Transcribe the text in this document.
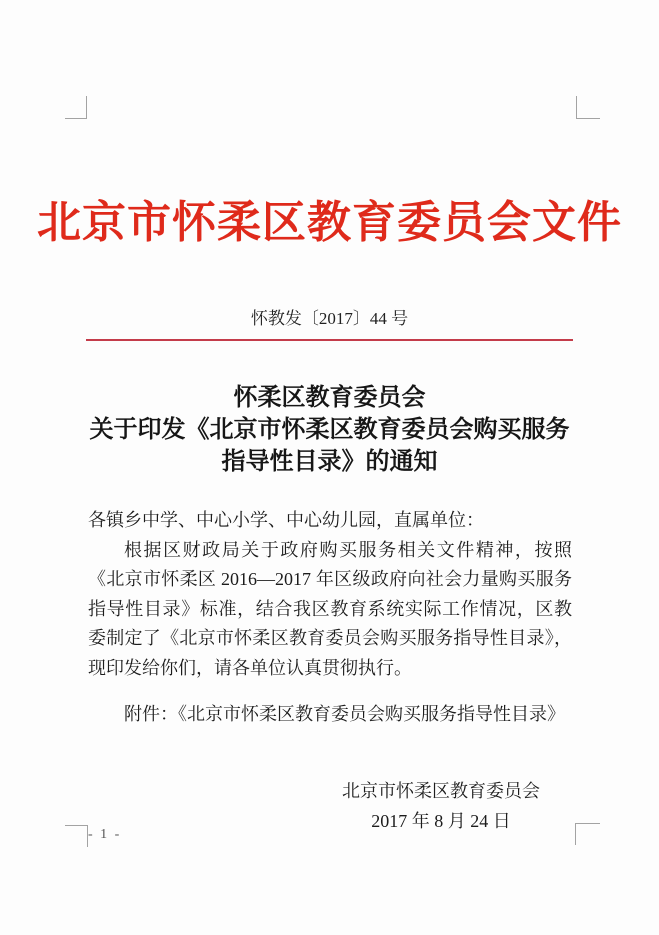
北京市怀柔区教育委员会文件
怀教发〔2017〕44 号
怀柔区教育委员会
关于印发《北京市怀柔区教育委员会购买服务
指导性目录》的通知

各镇乡中学、中心小学、中心幼儿园，直属单位：

根据区财政局关于政府购买服务相关文件精神，按照《北京市怀柔区 2016—2017 年区级政府向社会力量购买服务指导性目录》标准，结合我区教育系统实际工作情况，区教委制定了《北京市怀柔区教育委员会购买服务指导性目录》，现印发给你们，请各单位认真贯彻执行。

附件：《北京市怀柔区教育委员会购买服务指导性目录》

北京市怀柔区教育委员会
2017 年 8 月 24 日
- 1 -
